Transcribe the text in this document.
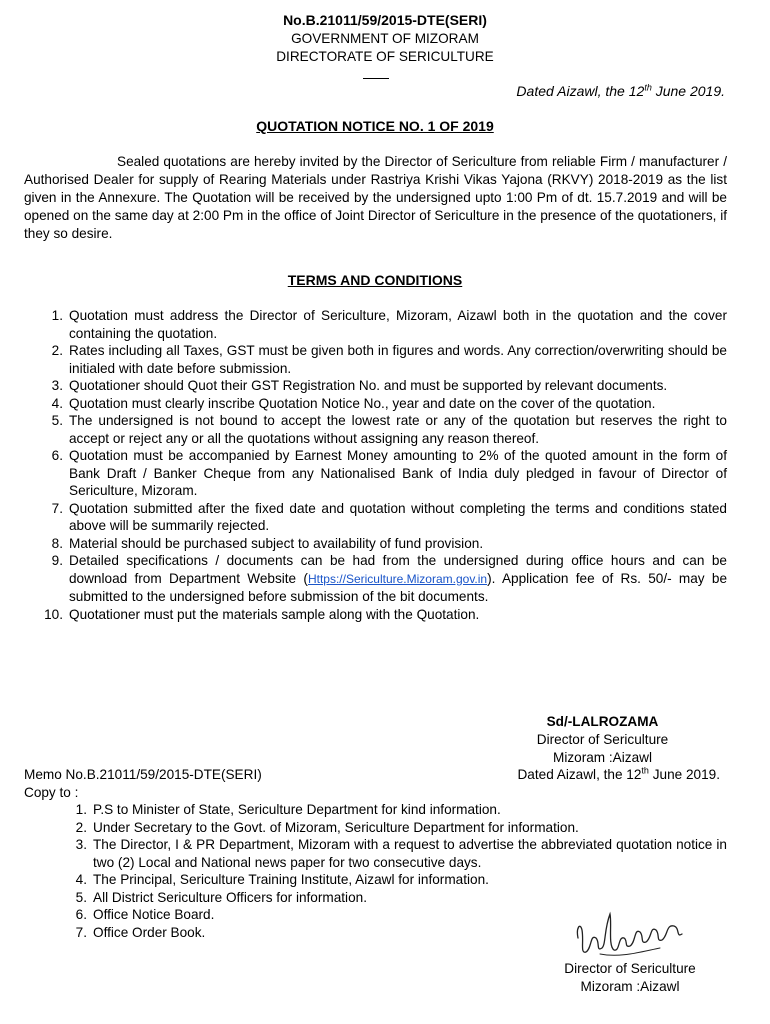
No.B.21011/59/2015-DTE(SERI)
GOVERNMENT OF MIZORAM
DIRECTORATE OF SERICULTURE
Dated Aizawl, the 12th June 2019.
QUOTATION NOTICE NO. 1 OF 2019
Sealed quotations are hereby invited by the Director of Sericulture from reliable Firm / manufacturer / Authorised Dealer for supply of Rearing Materials under Rastriya Krishi Vikas Yajona (RKVY) 2018-2019 as the list given in the Annexure. The Quotation will be received by the undersigned upto 1:00 Pm of dt. 15.7.2019 and will be opened on the same day at 2:00 Pm in the office of Joint Director of Sericulture in the presence of the quotationers, if they so desire.
TERMS AND CONDITIONS
1. Quotation must address the Director of Sericulture, Mizoram, Aizawl both in the quotation and the cover containing the quotation.
2. Rates including all Taxes, GST must be given both in figures and words. Any correction/overwriting should be initialed with date before submission.
3. Quotationer should Quot their GST Registration No. and must be supported by relevant documents.
4. Quotation must clearly inscribe Quotation Notice No., year and date on the cover of the quotation.
5. The undersigned is not bound to accept the lowest rate or any of the quotation but reserves the right to accept or reject any or all the quotations without assigning any reason thereof.
6. Quotation must be accompanied by Earnest Money amounting to 2% of the quoted amount in the form of Bank Draft / Banker Cheque from any Nationalised Bank of India duly pledged in favour of Director of Sericulture, Mizoram.
7. Quotation submitted after the fixed date and quotation without completing the terms and conditions stated above will be summarily rejected.
8. Material should be purchased subject to availability of fund provision.
9. Detailed specifications / documents can be had from the undersigned during office hours and can be download from Department Website (Https://Sericulture.Mizoram.gov.in). Application fee of Rs. 50/- may be submitted to the undersigned before submission of the bit documents.
10. Quotationer must put the materials sample along with the Quotation.
Sd/-LALROZAMA
Director of Sericulture
Mizoram :Aizawl
Memo No.B.21011/59/2015-DTE(SERI)	Dated Aizawl, the 12th June 2019.
Copy to :
1. P.S to Minister of State, Sericulture Department for kind information.
2. Under Secretary to the Govt. of Mizoram, Sericulture Department for information.
3. The Director, I & PR Department, Mizoram with a request to advertise the abbreviated quotation notice in two (2) Local and National news paper for two consecutive days.
4. The Principal, Sericulture Training Institute, Aizawl for information.
5. All District Sericulture Officers for information.
6. Office Notice Board.
7. Office Order Book.
Director of Sericulture
Mizoram :Aizawl
